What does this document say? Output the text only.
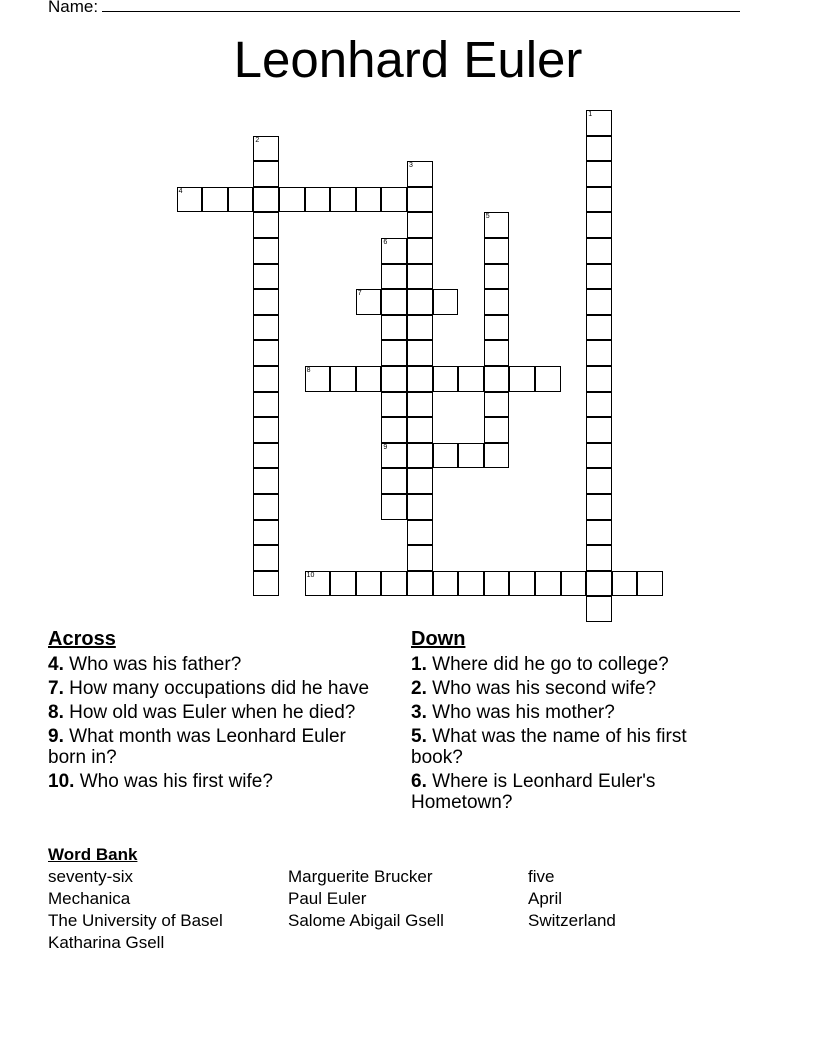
Name:
Leonhard Euler
1
2
3
4
5
6
9
7
8
10
Across
4. Who was his father?
7. How many occupations did he have
8. How old was Euler when he died?
9. What month was Leonhard Euler born in?
10. Who was his first wife?
Down
1. Where did he go to college?
2. Who was his second wife?
3. Who was his mother?
5. What was the name of his first book?
6. Where is Leonhard Euler's Hometown?
Word Bank
seventy-six	Marguerite Brucker	five
Mechanica	Paul Euler	April
The University of Basel	Salome Abigail Gsell	Switzerland
Katharina Gsell
